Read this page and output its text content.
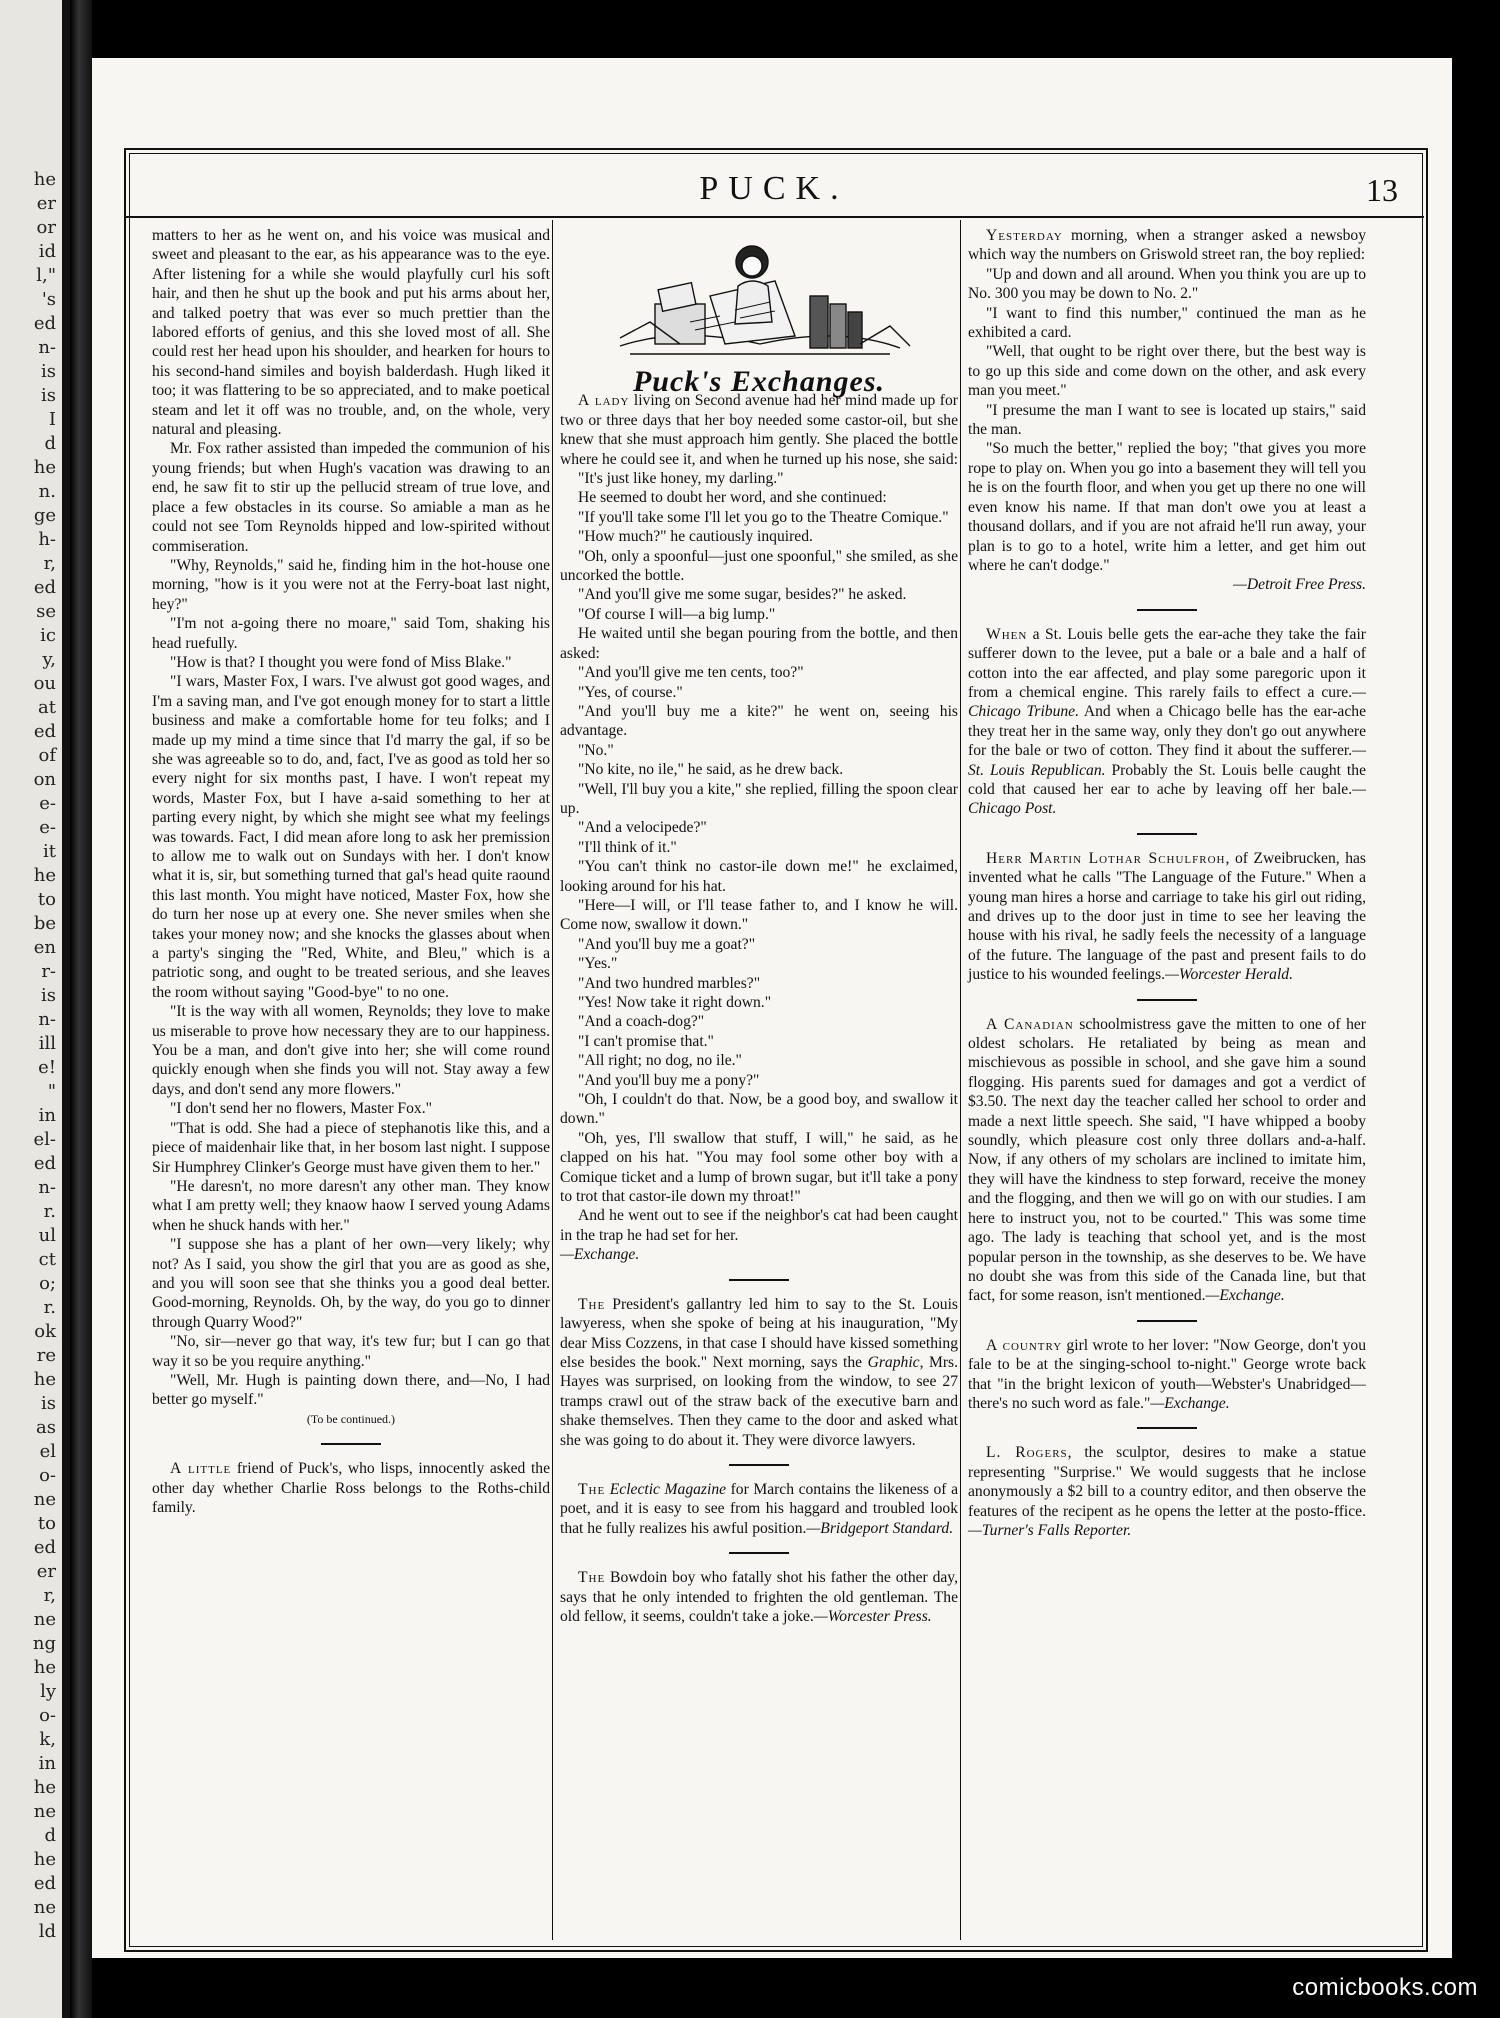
he
er
or
id
l,"
's
ed
n-
is
is
I
d
he
n.
ge
h-
r,
ed
se
ic
y,
ou
at
ed
of
on
e-
e-
it
he
to
be
en
r-
is
n-
ill
e!
"
in
el-
ed
n-
r.
ul
ct
o;
r.
ok
re
he
is
as
el
o-
ne
to
ed
er
r,
ne
ng
he
ly
o-
k,
in
he
ne
d
he
ed
ne
ld
PUCK.	13

matters to her as he went on, and his voice was musical and sweet and pleasant to the ear, as his appearance was to the eye. After listening for a while she would playfully curl his soft hair, and then he shut up the book and put his arms about her, and talked poetry that was ever so much prettier than the labored efforts of genius, and this she loved most of all. She could rest her head upon his shoulder, and hearken for hours to his second-hand similes and boyish balderdash. Hugh liked it too; it was flattering to be so appreciated, and to make poetical steam and let it off was no trouble, and, on the whole, very natural and pleasing.

Mr. Fox rather assisted than impeded the communion of his young friends; but when Hugh's vacation was drawing to an end, he saw fit to stir up the pellucid stream of true love, and place a few obstacles in its course. So amiable a man as he could not see Tom Reynolds hipped and low-spirited without commiseration.

"Why, Reynolds," said he, finding him in the hot-house one morning, "how is it you were not at the Ferry-boat last night, hey?"

"I'm not a-going there no moare," said Tom, shaking his head ruefully.

"How is that? I thought you were fond of Miss Blake."

"I wars, Master Fox, I wars. I've alwust got good wages, and I'm a saving man, and I've got enough money for to start a little business and make a comfortable home for teu folks; and I made up my mind a time since that I'd marry the gal, if so be she was agreeable so to do, and, fact, I've as good as told her so every night for six months past, I have. I won't repeat my words, Master Fox, but I have a-said something to her at parting every night, by which she might see what my feelings was towards. Fact, I did mean afore long to ask her premission to allow me to walk out on Sundays with her. I don't know what it is, sir, but something turned that gal's head quite raound this last month. You might have noticed, Master Fox, how she do turn her nose up at every one. She never smiles when she takes your money now; and she knocks the glasses about when a party's singing the "Red, White, and Bleu," which is a patriotic song, and ought to be treated serious, and she leaves the room without saying "Good-bye" to no one.

"It is the way with all women, Reynolds; they love to make us miserable to prove how necessary they are to our happiness. You be a man, and don't give into her; she will come round quickly enough when she finds you will not. Stay away a few days, and don't send any more flowers."

"I don't send her no flowers, Master Fox."

"That is odd. She had a piece of stephanotis like this, and a piece of maidenhair like that, in her bosom last night. I suppose Sir Humphrey Clinker's George must have given them to her."

"He daresn't, no more daresn't any other man. They know what I am pretty well; they knaow haow I served young Adams when he shuck hands with her."

"I suppose she has a plant of her own—very likely; why not? As I said, you show the girl that you are as good as she, and you will soon see that she thinks you a good deal better. Good-morning, Reynolds. Oh, by the way, do you go to dinner through Quarry Wood?"

"No, sir—never go that way, it's tew fur; but I can go that way it so be you require anything."

"Well, Mr. Hugh is painting down there, and—No, I had better go myself."

(To be continued.)

A little friend of Puck's, who lisps, innocently asked the other day whether Charlie Ross belongs to the Roths-child family.

Puck's Exchanges.

A lady living on Second avenue had her mind made up for two or three days that her boy needed some castor-oil, but she knew that she must approach him gently. She placed the bottle where he could see it, and when he turned up his nose, she said:

"It's just like honey, my darling."

He seemed to doubt her word, and she continued:

"If you'll take some I'll let you go to the Theatre Comique."

"How much?" he cautiously inquired.

"Oh, only a spoonful—just one spoonful," she smiled, as she uncorked the bottle.

"And you'll give me some sugar, besides?" he asked.

"Of course I will—a big lump."

He waited until she began pouring from the bottle, and then asked:

"And you'll give me ten cents, too?"

"Yes, of course."

"And you'll buy me a kite?" he went on, seeing his advantage.

"No."

"No kite, no ile," he said, as he drew back.

"Well, I'll buy you a kite," she replied, filling the spoon clear up.

"And a velocipede?"

"I'll think of it."

"You can't think no castor-ile down me!" he exclaimed, looking around for his hat.

"Here—I will, or I'll tease father to, and I know he will. Come now, swallow it down."

"And you'll buy me a goat?"

"Yes."

"And two hundred marbles?"

"Yes! Now take it right down."

"And a coach-dog?"

"I can't promise that."

"All right; no dog, no ile."

"And you'll buy me a pony?"

"Oh, I couldn't do that. Now, be a good boy, and swallow it down."

"Oh, yes, I'll swallow that stuff, I will," he said, as he clapped on his hat. "You may fool some other boy with a Comique ticket and a lump of brown sugar, but it'll take a pony to trot that castor-ile down my throat!"

And he went out to see if the neighbor's cat had been caught in the trap he had set for her.

—Exchange.

The President's gallantry led him to say to the St. Louis lawyeress, when she spoke of being at his inauguration, "My dear Miss Cozzens, in that case I should have kissed something else besides the book." Next morning, says the Graphic, Mrs. Hayes was surprised, on looking from the window, to see 27 tramps crawl out of the straw back of the executive barn and shake themselves. Then they came to the door and asked what she was going to do about it. They were divorce lawyers.

The Eclectic Magazine for March contains the likeness of a poet, and it is easy to see from his haggard and troubled look that he fully realizes his awful position.—Bridgeport Standard.

The Bowdoin boy who fatally shot his father the other day, says that he only intended to frighten the old gentleman. The old fellow, it seems, couldn't take a joke.—Worcester Press.

Yesterday morning, when a stranger asked a newsboy which way the numbers on Griswold street ran, the boy replied:

"Up and down and all around. When you think you are up to No. 300 you may be down to No. 2."

"I want to find this number," continued the man as he exhibited a card.

"Well, that ought to be right over there, but the best way is to go up this side and come down on the other, and ask every man you meet."

"I presume the man I want to see is located up stairs," said the man.

"So much the better," replied the boy; "that gives you more rope to play on. When you go into a basement they will tell you he is on the fourth floor, and when you get up there no one will even know his name. If that man don't owe you at least a thousand dollars, and if you are not afraid he'll run away, your plan is to go to a hotel, write him a letter, and get him out where he can't dodge."

—Detroit Free Press.

When a St. Louis belle gets the ear-ache they take the fair sufferer down to the levee, put a bale or a bale and a half of cotton into the ear affected, and play some paregoric upon it from a chemical engine. This rarely fails to effect a cure.—Chicago Tribune. And when a Chicago belle has the ear-ache they treat her in the same way, only they don't go out anywhere for the bale or two of cotton. They find it about the sufferer.—St. Louis Republican. Probably the St. Louis belle caught the cold that caused her ear to ache by leaving off her bale.—Chicago Post.

Herr Martin Lothar Schulfroh, of Zweibrucken, has invented what he calls "The Language of the Future." When a young man hires a horse and carriage to take his girl out riding, and drives up to the door just in time to see her leaving the house with his rival, he sadly feels the necessity of a language of the future. The language of the past and present fails to do justice to his wounded feelings.—Worcester Herald.

A Canadian schoolmistress gave the mitten to one of her oldest scholars. He retaliated by being as mean and mischievous as possible in school, and she gave him a sound flogging. His parents sued for damages and got a verdict of $3.50. The next day the teacher called her school to order and made a next little speech. She said, "I have whipped a booby soundly, which pleasure cost only three dollars and-a-half. Now, if any others of my scholars are inclined to imitate him, they will have the kindness to step forward, receive the money and the flogging, and then we will go on with our studies. I am here to instruct you, not to be courted." This was some time ago. The lady is teaching that school yet, and is the most popular person in the township, as she deserves to be. We have no doubt she was from this side of the Canada line, but that fact, for some reason, isn't mentioned.—Exchange.

A country girl wrote to her lover: "Now George, don't you fale to be at the singing-school to-night." George wrote back that "in the bright lexicon of youth—Webster's Unabridged—there's no such word as fale."—Exchange.

L. Rogers, the sculptor, desires to make a statue representing "Surprise." We would suggests that he inclose anonymously a $2 bill to a country editor, and then observe the features of the recipent as he opens the letter at the posto-ffice.—Turner's Falls Reporter.

comicbooks.com
